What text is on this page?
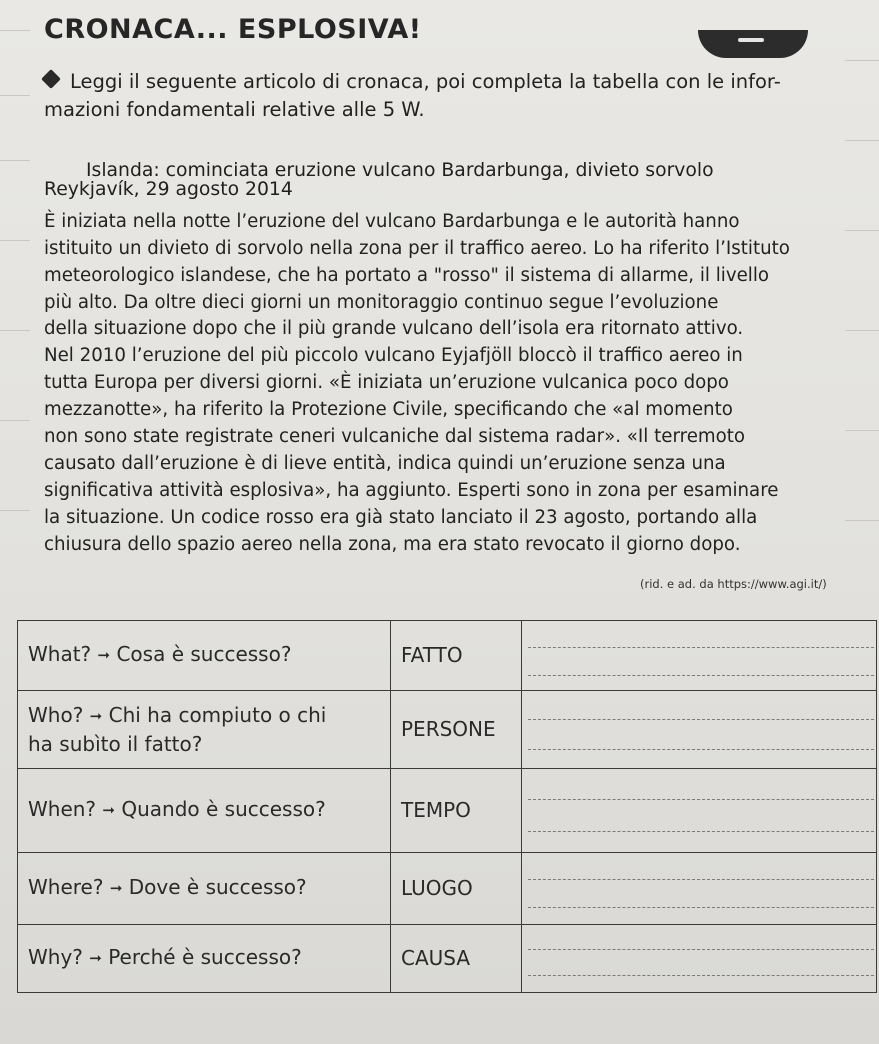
CRONACA... ESPLOSIVA!
Leggi il seguente articolo di cronaca, poi completa la tabella con le infor-
mazioni fondamentali relative alle 5 W.
Islanda: cominciata eruzione vulcano Bardarbunga, divieto sorvolo
Reykjavík, 29 agosto 2014
È iniziata nella notte l’eruzione del vulcano Bardarbunga e le autorità hanno
istituito un divieto di sorvolo nella zona per il traffico aereo. Lo ha riferito l’Istituto
meteorologico islandese, che ha portato a "rosso" il sistema di allarme, il livello
più alto. Da oltre dieci giorni un monitoraggio continuo segue l’evoluzione
della situazione dopo che il più grande vulcano dell’isola era ritornato attivo.
Nel 2010 l’eruzione del più piccolo vulcano Eyjafjöll bloccò il traffico aereo in
tutta Europa per diversi giorni. «È iniziata un’eruzione vulcanica poco dopo
mezzanotte», ha riferito la Protezione Civile, specificando che «al momento
non sono state registrate ceneri vulcaniche dal sistema radar». «Il terremoto
causato dall’eruzione è di lieve entità, indica quindi un’eruzione senza una
significativa attività esplosiva», ha aggiunto. Esperti sono in zona per esaminare
la situazione. Un codice rosso era già stato lanciato il 23 agosto, portando alla
chiusura dello spazio aereo nella zona, ma era stato revocato il giorno dopo.
(rid. e ad. da https://www.agi.it/)
What? ➞ Cosa è successo?	FATTO	

Who? ➞ Chi ha compiuto o chi
ha subìto il fatto?	PERSONE	

When? ➞ Quando è successo?	TEMPO	

Where? ➞ Dove è successo?	LUOGO	

Why? ➞ Perché è successo?	CAUSA	
